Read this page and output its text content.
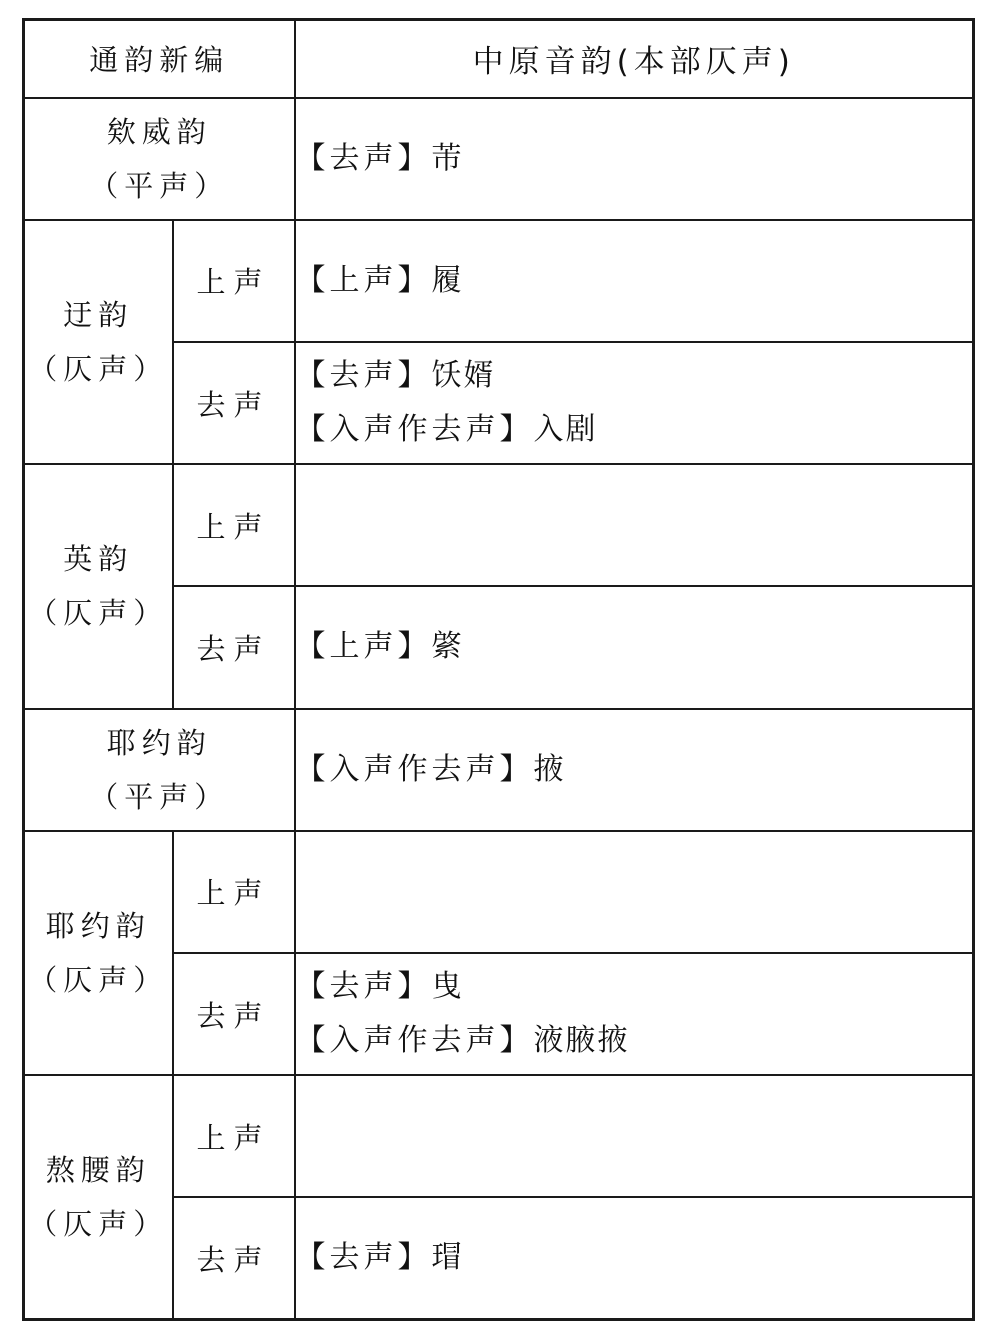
通韵新编		中原音韵(本部仄声)

欸威韵
（平声）		【去声】芾

迂韵
（仄声）	上声	【上声】履

	去声	【去声】饫婿
【入声作去声】入剧

英韵
（仄声）	上声	
	去声	【上声】綮

耶约韵
（平声）		【入声作去声】掖

耶约韵
（仄声）	上声	
	去声	【去声】曳
【入声作去声】液腋掖

熬腰韵
（仄声）	上声	
	去声	【去声】瑁
